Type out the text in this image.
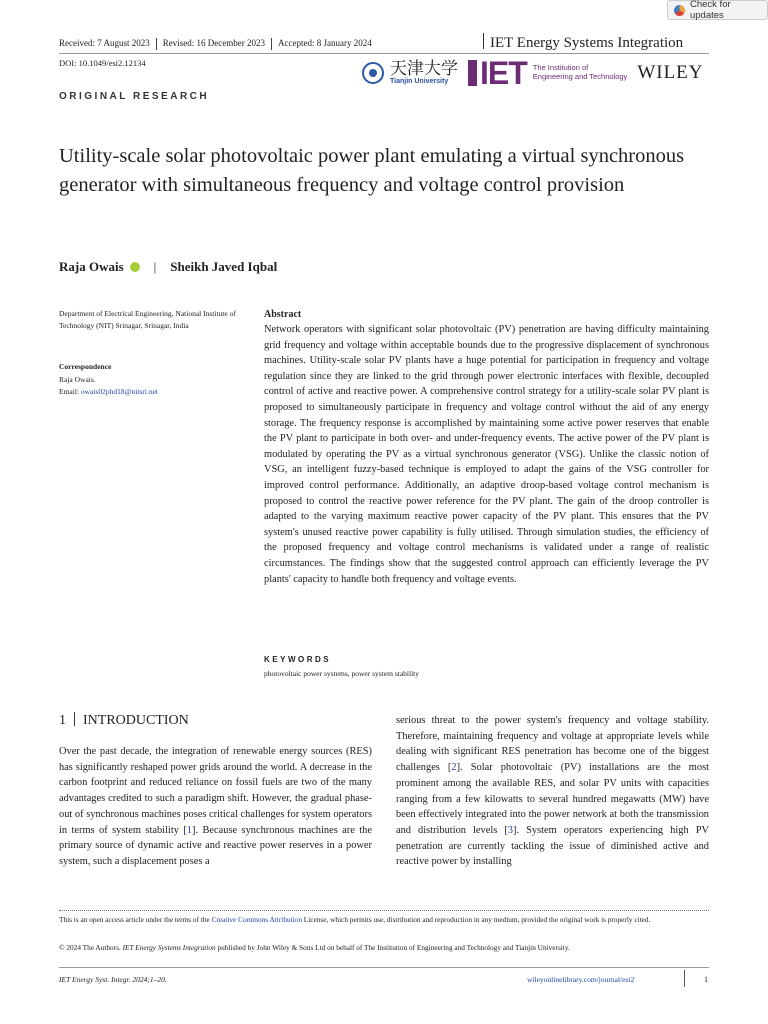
Check for updates
Received: 7 August 2023 Revised: 16 December 2023 Accepted: 8 January 2024	IET Energy Systems Integration
DOI: 10.1049/esi2.12134	天津大学
Tianjin University IET The Institution of
Engineering and Technology WILEY
ORIGINAL RESEARCH
Utility-scale solar photovoltaic power plant emulating a virtual synchronous generator with simultaneous frequency and voltage control provision
Raja Owais | Sheikh Javed Iqbal
Department of Electrical Engineering, National Institute of Technology (NIT) Srinagar, Srinagar, India
Correspondence
Raja Owais.
Email: owais02phd18@nitsri.net
Abstract
Network operators with significant solar photovoltaic (PV) penetration are having difficulty maintaining grid frequency and voltage within acceptable bounds due to the progressive displacement of synchronous machines. Utility-scale solar PV plants have a huge potential for participation in frequency and voltage regulation since they are linked to the grid through power electronic interfaces with flexible, decoupled control of active and reactive power. A comprehensive control strategy for a utility-scale solar PV plant is proposed to simultaneously participate in frequency and voltage control without the aid of any energy storage. The frequency response is accomplished by maintaining some active power reserves that enable the PV plant to participate in both over- and under-frequency events. The active power of the PV plant is modulated by operating the PV as a virtual synchronous generator (VSG). Unlike the classic notion of VSG, an intelligent fuzzy-based technique is employed to adapt the gains of the VSG controller for improved control performance. Additionally, an adaptive droop-based voltage control mechanism is proposed to control the reactive power reference for the PV plant. The gain of the droop controller is adapted to the varying maximum reactive power capacity of the PV plant. This ensures that the PV system's unused reactive power capability is fully utilised. Through simulation studies, the efficiency of the proposed frequency and voltage control mechanisms is validated under a range of realistic circumstances. The findings show that the suggested control approach can efficiently leverage the PV plants' capacity to handle both frequency and voltage events.
KEYWORDS
photovoltaic power systems, power system stability
1 INTRODUCTION
Over the past decade, the integration of renewable energy sources (RES) has significantly reshaped power grids around the world. A decrease in the carbon footprint and reduced reliance on fossil fuels are two of the many advantages credited to such a paradigm shift. However, the gradual phase-out of synchronous machines poses critical challenges for system operators in terms of system stability [1]. Because synchronous machines are the primary source of dynamic active and reactive power reserves in a power system, such a displacement poses a
serious threat to the power system's frequency and voltage stability. Therefore, maintaining frequency and voltage at appropriate levels while dealing with significant RES penetration has become one of the biggest challenges [2]. Solar photovoltaic (PV) installations are the most prominent among the available RES, and solar PV units with capacities ranging from a few kilowatts to several hundred megawatts (MW) have been effectively integrated into the power network at both the transmission and distribution levels [3]. System operators experiencing high PV penetration are currently tackling the issue of diminished active and reactive power by installing
This is an open access article under the terms of the Creative Commons Attribution License, which permits use, distribution and reproduction in any medium, provided the original work is properly cited.
© 2024 The Authors. IET Energy Systems Integration published by John Wiley & Sons Ltd on behalf of The Institution of Engineering and Technology and Tianjin University.
IET Energy Syst. Integr. 2024;1–20.	wileyonlinelibrary.com/journal/esi2	1
